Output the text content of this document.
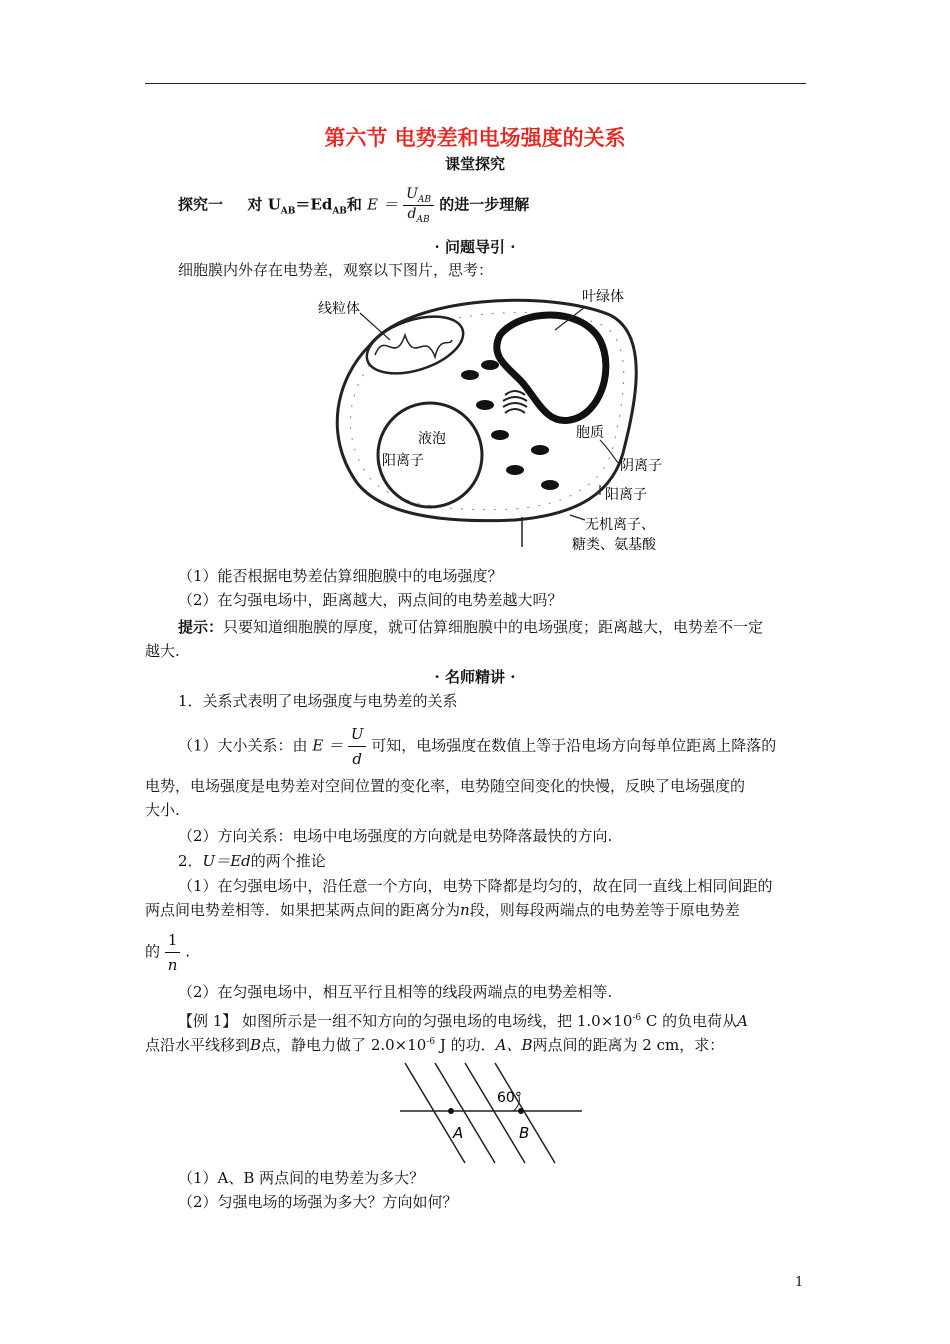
第六节 电势差和电场强度的关系
课堂探究
探究一 对 $U_{AB}=Ed_{AB}$和 $E = \frac{U_{AB}}{d_{AB}}$ 的进一步理解
· 问题导引 ·
细胞膜内外存在电势差，观察以下图片，思考：
线粒体
叶绿体
液泡	胞质
阳离子	阴离子
阳离子
无机离子、
糖类、氨基酸
（1）能否根据电势差估算细胞膜中的电场强度？
（2）在匀强电场中，距离越大，两点间的电势差越大吗？
提示：只要知道细胞膜的厚度，就可估算细胞膜中的电场强度；距离越大，电势差不一定
越大.
· 名师精讲 ·
1．关系式表明了电场强度与电势差的关系
（1）大小关系：由 $E = \frac{U}{d}$ 可知，电场强度在数值上等于沿电场方向每单位距离上降落的
电势，电场强度是电势差对空间位置的变化率，电势随空间变化的快慢，反映了电场强度的
大小.
（2）方向关系：电场中电场强度的方向就是电势降落最快的方向.
2．U＝Ed的两个推论
（1）在匀强电场中，沿任意一个方向，电势下降都是均匀的，故在同一直线上相同间距的
两点间电势差相等．如果把某两点间的距离分为n段，则每段两端点的电势差等于原电势差
的 $\frac{1}{n}$ .
（2）在匀强电场中，相互平行且相等的线段两端点的电势差相等.
【例 1】 如图所示是一组不知方向的匀强电场的电场线，把 $1.0\times 10^{-6}$ C 的负电荷从A
点沿水平线移到B点，静电力做了 $2.0\times 10^{-6}$ J 的功．A、B两点间的距离为 2 cm，求：
60°
A	B
（1）A、B 两点间的电势差为多大？
（2）匀强电场的场强为多大？方向如何？
1
